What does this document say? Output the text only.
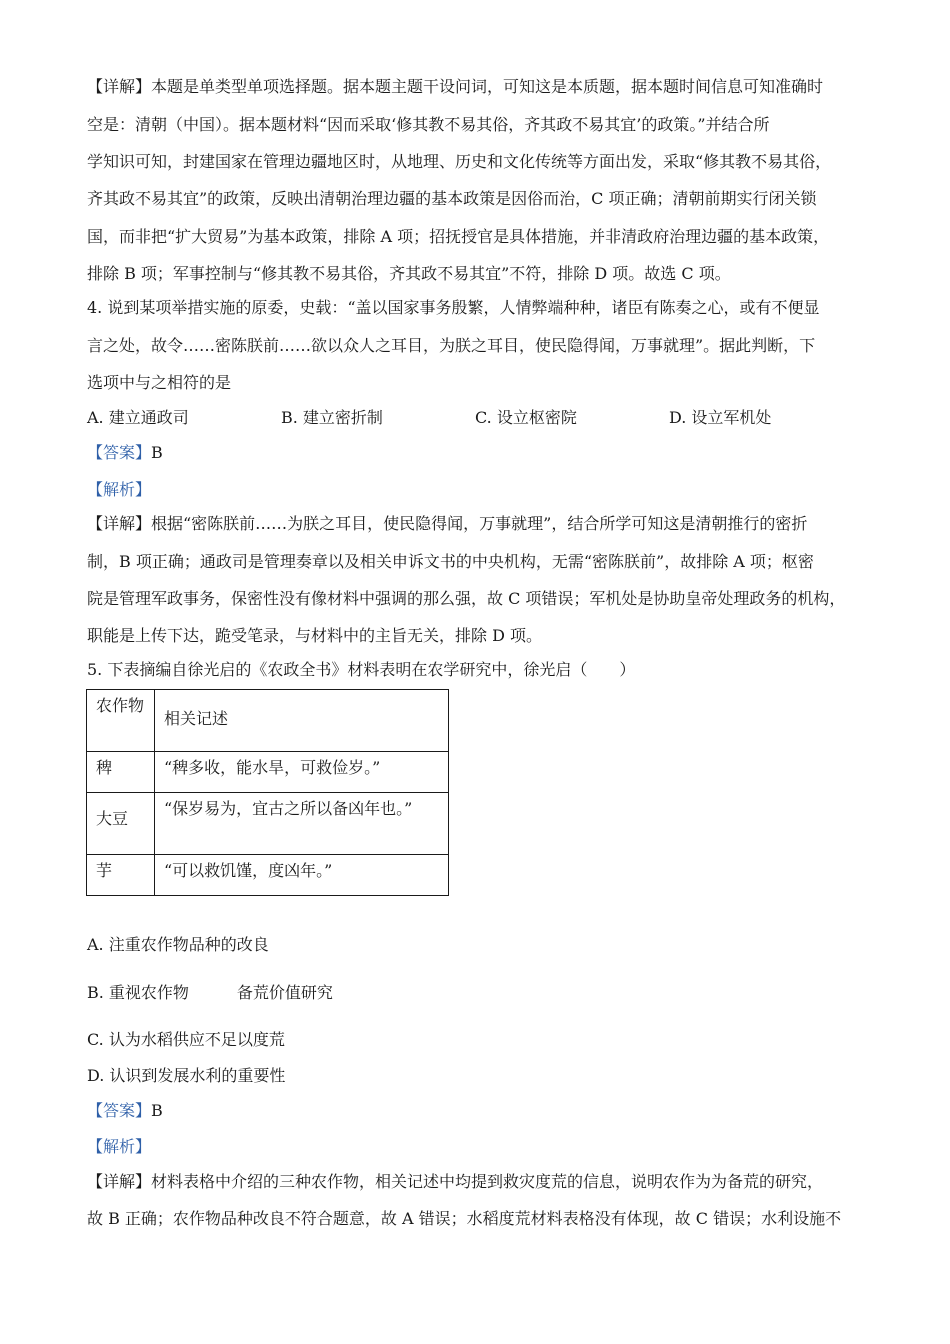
【详解】本题是单类型单项选择题。据本题主题干设问词，可知这是本质题，据本题时间信息可知准确时
空是：清朝（中国）。据本题材料“因而采取‘修其教不易其俗，齐其政不易其宜’的政策。”并结合所
学知识可知，封建国家在管理边疆地区时，从地理、历史和文化传统等方面出发，采取“修其教不易其俗，
齐其政不易其宜”的政策，反映出清朝治理边疆的基本政策是因俗而治，C 项正确；清朝前期实行闭关锁
国，而非把“扩大贸易”为基本政策，排除 A 项；招抚授官是具体措施，并非清政府治理边疆的基本政策，
排除 B 项；军事控制与“修其教不易其俗，齐其政不易其宜”不符，排除 D 项。故选 C 项。
4. 说到某项举措实施的原委，史载：“盖以国家事务殷繁，人情弊端种种，诸臣有陈奏之心，或有不便显
言之处，故令……密陈朕前……欲以众人之耳目，为朕之耳目，使民隐得闻，万事就理”。据此判断，下
选项中与之相符的是
A. 建立通政司	B. 建立密折制	C. 设立枢密院	D. 设立军机处
【答案】B
【解析】
【详解】根据“密陈朕前……为朕之耳目，使民隐得闻，万事就理”，结合所学可知这是清朝推行的密折
制，B 项正确；通政司是管理奏章以及相关申诉文书的中央机构，无需“密陈朕前”，故排除 A 项；枢密
院是管理军政事务，保密性没有像材料中强调的那么强，故 C 项错误；军机处是协助皇帝处理政务的机构，
职能是上传下达，跪受笔录，与材料中的主旨无关，排除 D 项。
5. 下表摘编自徐光启的《农政全书》材料表明在农学研究中，徐光启（　　）
农作物	相关记述
稗	“稗多收，能水旱，可救俭岁。”
大豆	“保岁易为，宜古之所以备凶年也。”
芋	“可以救饥馑，度凶年。”
A. 注重农作物品种的改良
B. 重视农作物　　　备荒价值研究
C. 认为水稻供应不足以度荒
D. 认识到发展水利的重要性
【答案】B
【解析】
【详解】材料表格中介绍的三种农作物，相关记述中均提到救灾度荒的信息，说明农作为为备荒的研究，
故 B 正确；农作物品种改良不符合题意，故 A 错误；水稻度荒材料表格没有体现，故 C 错误；水利设施不
